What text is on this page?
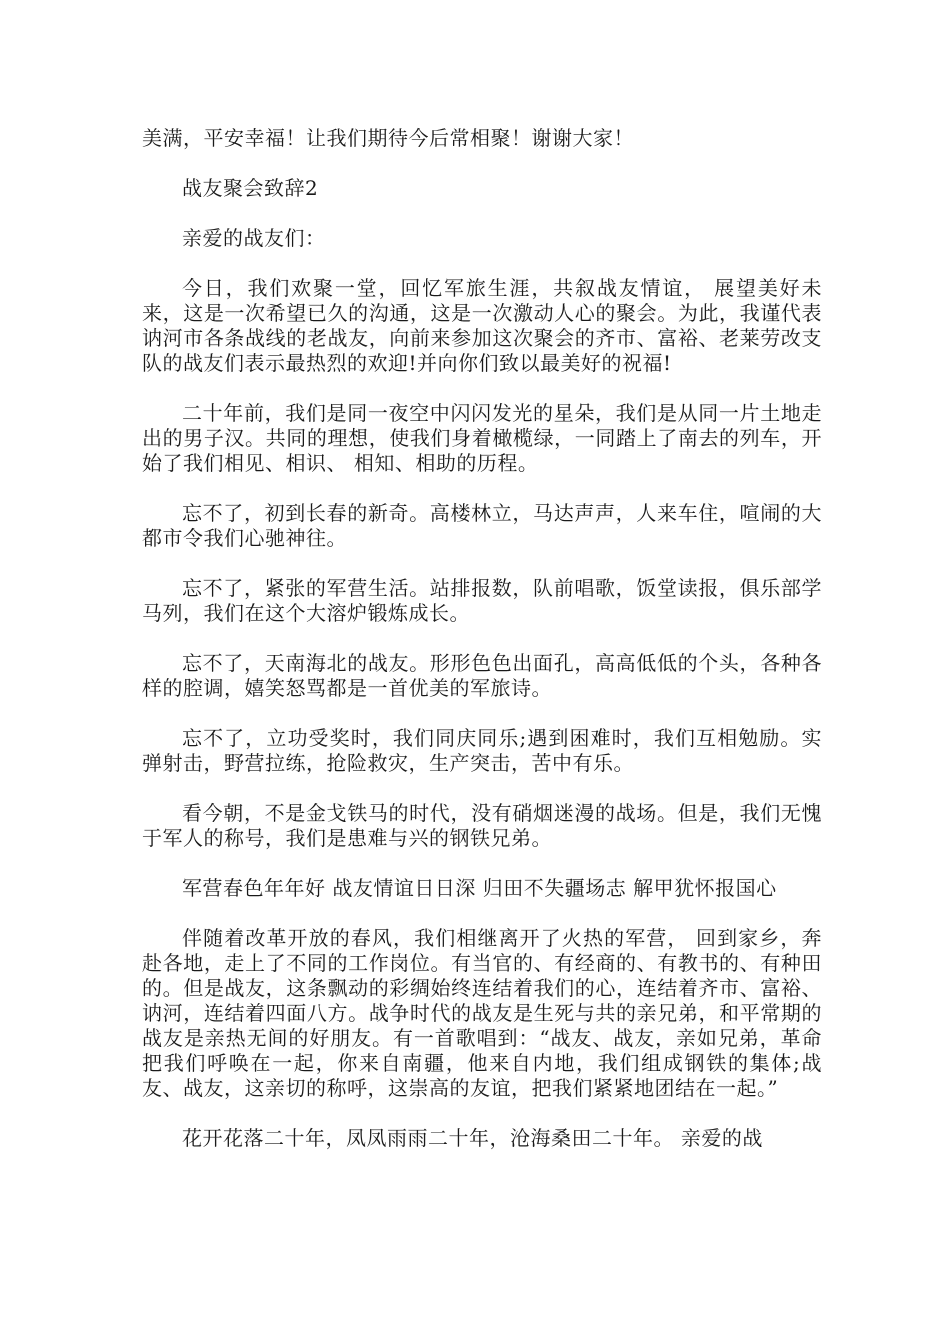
美满，平安幸福！让我们期待今后常相聚！谢谢大家！

战友聚会致辞2

亲爱的战友们：

今日，我们欢聚一堂，回忆军旅生涯，共叙战友情谊， 展望美好未来，这是一次希望已久的沟通，这是一次激动人心的聚会。为此，我谨代表讷河市各条战线的老战友，向前来参加这次聚会的齐市、富裕、老莱劳改支队的战友们表示最热烈的欢迎!并向你们致以最美好的祝福!

二十年前，我们是同一夜空中闪闪发光的星朵，我们是从同一片土地走出的男子汉。共同的理想，使我们身着橄榄绿，一同踏上了南去的列车，开始了我们相见、相识、 相知、相助的历程。

忘不了，初到长春的新奇。高楼林立，马达声声，人来车住，喧闹的大都市令我们心驰神往。

忘不了，紧张的军营生活。站排报数，队前唱歌，饭堂读报，俱乐部学马列，我们在这个大溶炉锻炼成长。

忘不了，天南海北的战友。形形色色出面孔，高高低低的个头，各种各样的腔调，嬉笑怒骂都是一首优美的军旅诗。

忘不了，立功受奖时，我们同庆同乐;遇到困难时，我们互相勉励。实弹射击，野营拉练，抢险救灾，生产突击，苦中有乐。

看今朝，不是金戈铁马的时代，没有硝烟迷漫的战场。但是，我们无愧于军人的称号，我们是患难与兴的钢铁兄弟。

军营春色年年好 战友情谊日日深 归田不失疆场志 解甲犹怀报国心

伴随着改革开放的春风，我们相继离开了火热的军营， 回到家乡，奔赴各地，走上了不同的工作岗位。有当官的、有经商的、有教书的、有种田的。但是战友，这条飘动的彩绸始终连结着我们的心，连结着齐市、富裕、讷河，连结着四面八方。战争时代的战友是生死与共的亲兄弟，和平常期的战友是亲热无间的好朋友。有一首歌唱到：“战友、战友，亲如兄弟，革命把我们呼唤在一起，你来自南疆，他来自内地，我们组成钢铁的集体;战友、战友，这亲切的称呼，这崇高的友谊，把我们紧紧地团结在一起。”

花开花落二十年，凤凤雨雨二十年，沧海桑田二十年。 亲爱的战
